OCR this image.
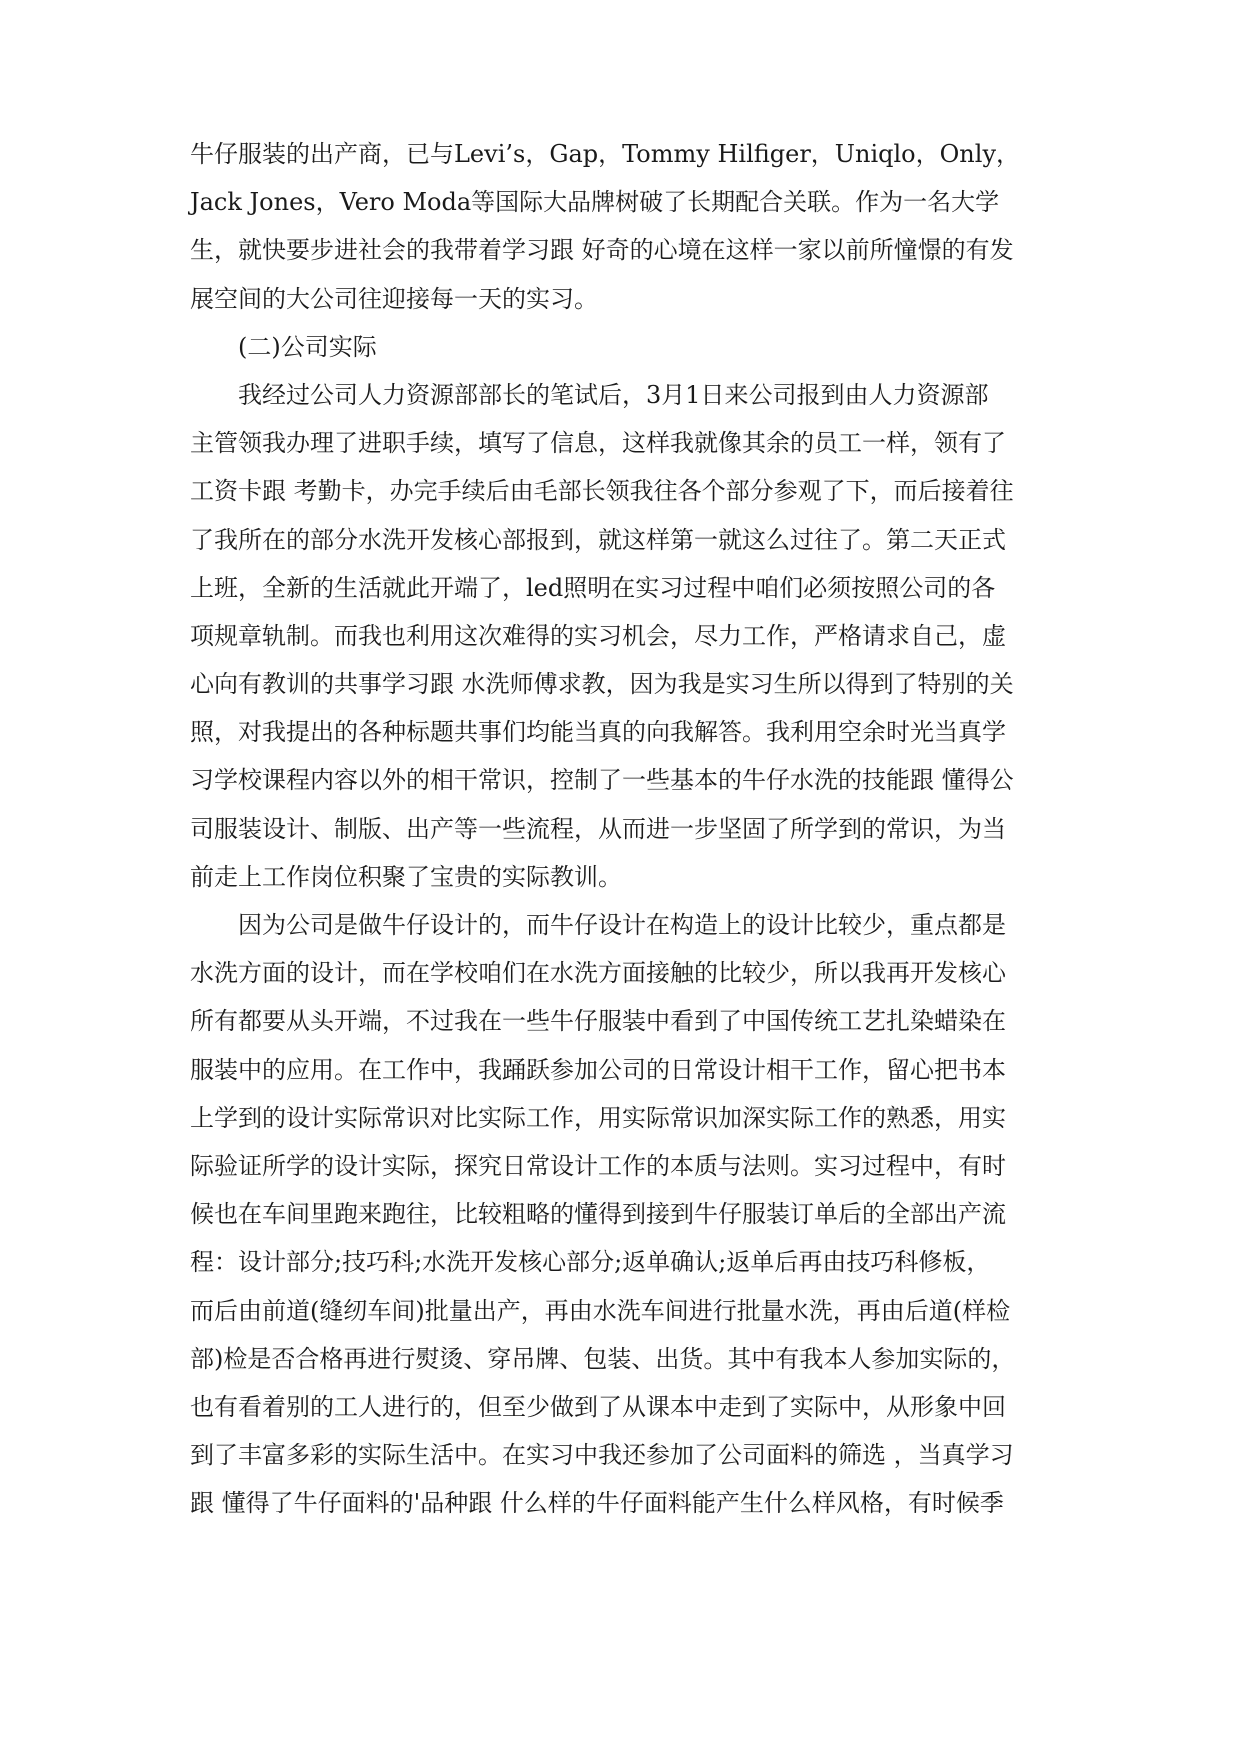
牛仔服装的出产商，已与Levi’s，Gap，Tommy Hilfiger，Uniqlo，Only，
Jack Jones，Vero Moda等国际大品牌树破了长期配合关联。作为一名大学
生，就快要步进社会的我带着学习跟 好奇的心境在这样一家以前所憧憬的有发
展空间的大公司往迎接每一天的实习。
(二)公司实际
我经过公司人力资源部部长的笔试后，3月1日来公司报到由人力资源部
主管领我办理了进职手续，填写了信息，这样我就像其余的员工一样，领有了
工资卡跟 考勤卡，办完手续后由毛部长领我往各个部分参观了下，而后接着往
了我所在的部分水洗开发核心部报到，就这样第一就这么过往了。第二天正式
上班，全新的生活就此开端了，led照明在实习过程中咱们必须按照公司的各
项规章轨制。而我也利用这次难得的实习机会，尽力工作，严格请求自己，虚
心向有教训的共事学习跟 水洗师傅求教，因为我是实习生所以得到了特别的关
照，对我提出的各种标题共事们均能当真的向我解答。我利用空余时光当真学
习学校课程内容以外的相干常识，控制了一些基本的牛仔水洗的技能跟 懂得公
司服装设计、制版、出产等一些流程，从而进一步坚固了所学到的常识，为当
前走上工作岗位积聚了宝贵的实际教训。
因为公司是做牛仔设计的，而牛仔设计在构造上的设计比较少，重点都是
水洗方面的设计，而在学校咱们在水洗方面接触的比较少，所以我再开发核心
所有都要从头开端，不过我在一些牛仔服装中看到了中国传统工艺扎染蜡染在
服装中的应用。在工作中，我踊跃参加公司的日常设计相干工作，留心把书本
上学到的设计实际常识对比实际工作，用实际常识加深实际工作的熟悉，用实
际验证所学的设计实际，探究日常设计工作的本质与法则。实习过程中，有时
候也在车间里跑来跑往，比较粗略的懂得到接到牛仔服装订单后的全部出产流
程：设计部分;技巧科;水洗开发核心部分;返单确认;返单后再由技巧科修板，
而后由前道(缝纫车间)批量出产，再由水洗车间进行批量水洗，再由后道(样检
部)检是否合格再进行熨烫、穿吊牌、包装、出货。其中有我本人参加实际的，
也有看着别的工人进行的，但至少做到了从课本中走到了实际中，从形象中回
到了丰富多彩的实际生活中。在实习中我还参加了公司面料的筛选 ，当真学习
跟 懂得了牛仔面料的'品种跟 什么样的牛仔面料能产生什么样风格，有时候季
